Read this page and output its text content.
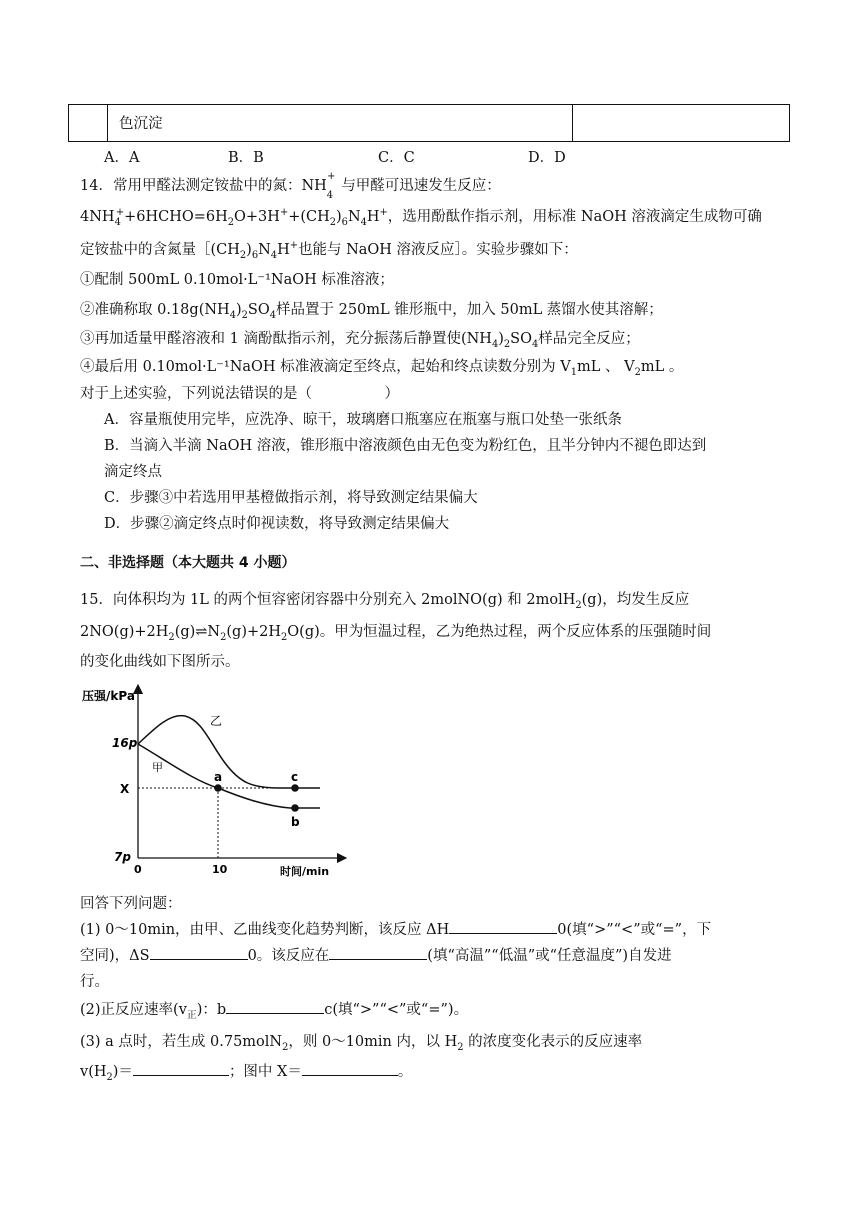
色沉淀
A．A	B．B	C．C	D．D
14．常用甲醛法测定铵盐中的氮：$NH_4^+$与甲醛可迅速发生反应：
$4NH_4^++6HCHO=6H_2O+3H^++(CH_2)_6N_4H^+$，选用酚酞作指示剂，用标准 NaOH 溶液滴定生成物可确
定铵盐中的含氮量$[(CH_2)_6N_4H^+$也能与 NaOH 溶液反应］。实验步骤如下：
①配制 500mL 0.10mol·L⁻¹NaOH 标准溶液；
②准确称取 $0.18g(NH_4)_2SO_4$样品置于 250mL 锥形瓶中，加入 50mL 蒸馏水使其溶解；
③再加适量甲醛溶液和 1 滴酚酞指示剂，充分振荡后静置使$(NH_4)_2SO_4$样品完全反应；
④最后用 0.10mol·L⁻¹NaOH 标准液滴定至终点，起始和终点读数分别为 $V_1mL$ 、 $V_2mL$ 。
对于上述实验，下列说法错误的是（　　　　　）
A．容量瓶使用完毕，应洗净、晾干，玻璃磨口瓶塞应在瓶塞与瓶口处垫一张纸条
B．当滴入半滴 NaOH 溶液，锥形瓶中溶液颜色由无色变为粉红色，且半分钟内不褪色即达到
滴定终点
C．步骤③中若选用甲基橙做指示剂，将导致测定结果偏大
D．步骤②滴定终点时仰视读数，将导致测定结果偏大
二、非选择题（本大题共 4 小题）
15．向体积均为 1L 的两个恒容密闭容器中分别充入 2molNO(g) 和 2molH$_2$(g)，均发生反应
$2NO(g)+2H_2(g)\rightleftharpoons N_2(g)+2H_2O(g)$。甲为恒温过程，乙为绝热过程，两个反应体系的压强随时间
的变化曲线如下图所示。
压强/kPa
时间/min
16p
X
7p
0	10
乙
甲
a	c
b
回答下列问题：
(1) 0～10min，由甲、乙曲线变化趋势判断，该反应 ΔH	0(填“>”“<”或“=”，下
空同)，ΔS	0。该反应在	(填“高温”“低温”或“任意温度”)自发进
行。
(2)正反应速率$(v_正)$：b	c(填“>”“<”或“=”)。
(3) a 点时，若生成 0.75molN$_2$，则 0～10min 内，以 $H_2$ 的浓度变化表示的反应速率
$v(H_2)=$	；图中 X＝	。
